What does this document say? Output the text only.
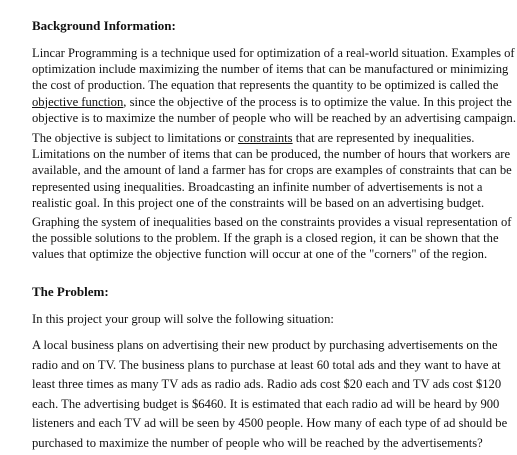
Background Information:
Lincar Programming is a technique used for optimization of a real-world situation. Examples of
optimization include maximizing the number of items that can be manufactured or minimizing
the cost of production. The equation that represents the quantity to be optimized is called the
objective function, since the objective of the process is to optimize the value. In this project the
objective is to maximize the number of people who will be reached by an advertising campaign.
The objective is subject to limitations or constraints that are represented by inequalities.
Limitations on the number of items that can be produced, the number of hours that workers are
available, and the amount of land a farmer has for crops are examples of constraints that can be
represented using inequalities. Broadcasting an infinite number of advertisements is not a
realistic goal. In this project one of the constraints will be based on an advertising budget.
Graphing the system of inequalities based on the constraints provides a visual representation of
the possible solutions to the problem. If the graph is a closed region, it can be shown that the
values that optimize the objective function will occur at one of the "corners" of the region.
The Problem:
In this project your group will solve the following situation:
A local business plans on advertising their new product by purchasing advertisements on the
radio and on TV. The business plans to purchase at least 60 total ads and they want to have at
least three times as many TV ads as radio ads. Radio ads cost $20 each and TV ads cost $120
each. The advertising budget is $6460. It is estimated that each radio ad will be heard by 900
listeners and each TV ad will be seen by 4500 people. How many of each type of ad should be
purchased to maximize the number of people who will be reached by the advertisements?
